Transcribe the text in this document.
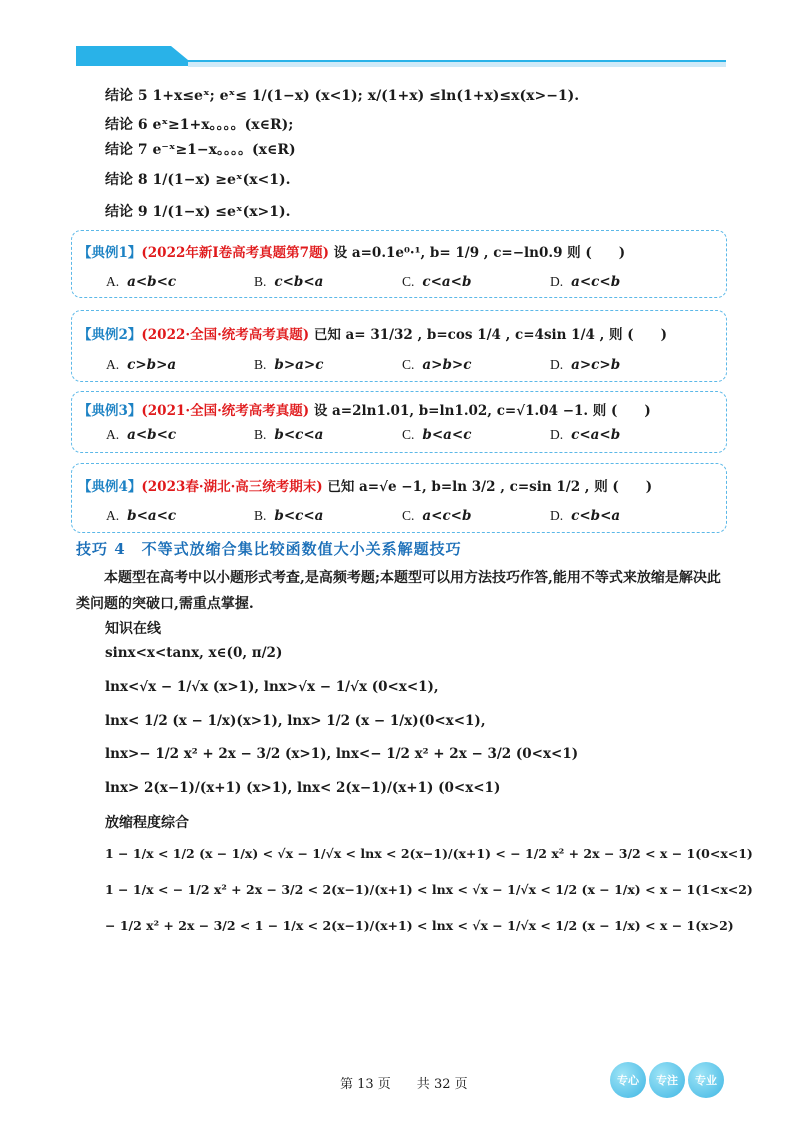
结论 5 1+x≤eˣ; eˣ≤ 1/(1−x) (x<1); x/(1+x) ≤ln(1+x)≤x(x>−1).
结论 6 eˣ≥1+x。。。。(x∈R);
结论 7 e⁻ˣ≥1−x。。。。(x∈R)
结论 8 1/(1−x) ≥eˣ(x<1).
结论 9 1/(1−x) ≤eˣ(x>1).
【典例1】(2022年新Ⅰ卷高考真题第7题) 设 a=0.1e⁰·¹, b= 1/9 , c=−ln0.9 则 (　　)
A. a<b<c	B. c<b<a	C. c<a<b	D. a<c<b
【典例2】(2022·全国·统考高考真题) 已知 a= 31/32 , b=cos 1/4 , c=4sin 1/4 , 则 (　　)
A. c>b>a	B. b>a>c	C. a>b>c	D. a>c>b
【典例3】(2021·全国·统考高考真题) 设 a=2ln1.01, b=ln1.02, c=√1.04 −1. 则 (　　)
A. a<b<c	B. b<c<a	C. b<a<c	D. c<a<b
【典例4】(2023春·湖北·高三统考期末) 已知 a=√e −1, b=ln 3/2 , c=sin 1/2 , 则 (　　)
A. b<a<c	B. b<c<a	C. a<c<b	D. c<b<a
技巧 4　不等式放缩合集比较函数值大小关系解题技巧
本题型在高考中以小题形式考查,是高频考题;本题型可以用方法技巧作答,能用不等式来放缩是解决此类问题的突破口,需重点掌握.
知识在线
sinx<x<tanx, x∈(0, π/2)
lnx<√x − 1/√x (x>1), lnx>√x − 1/√x (0<x<1),
lnx< 1/2 (x − 1/x)(x>1), lnx> 1/2 (x − 1/x)(0<x<1),
lnx>− 1/2 x² + 2x − 3/2 (x>1), lnx<− 1/2 x² + 2x − 3/2 (0<x<1)
lnx> 2(x−1)/(x+1) (x>1), lnx< 2(x−1)/(x+1) (0<x<1)
放缩程度综合
1 − 1/x < 1/2 (x − 1/x) < √x − 1/√x < lnx < 2(x−1)/(x+1) < − 1/2 x² + 2x − 3/2 < x − 1(0<x<1)
1 − 1/x < − 1/2 x² + 2x − 3/2 < 2(x−1)/(x+1) < lnx < √x − 1/√x < 1/2 (x − 1/x) < x − 1(1<x<2)
− 1/2 x² + 2x − 3/2 < 1 − 1/x < 2(x−1)/(x+1) < lnx < √x − 1/√x < 1/2 (x − 1/x) < x − 1(x>2)
第 13 页　　共 32 页	专心	专注	专业
